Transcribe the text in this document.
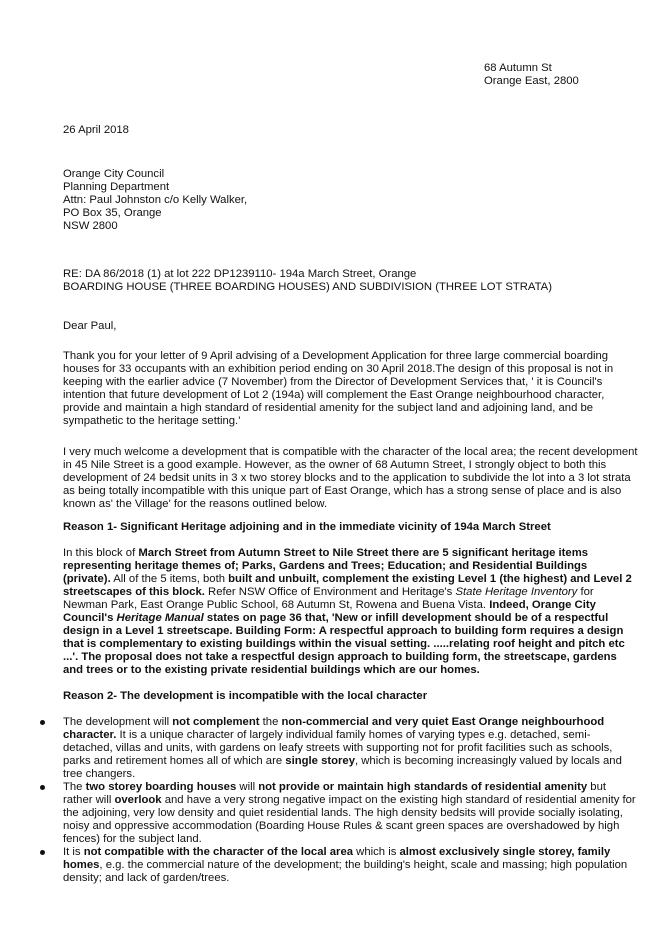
68 Autumn St

Orange East, 2800

26 April 2018

Orange City Council

Planning Department

Attn: Paul Johnston c/o Kelly Walker,

PO Box 35, Orange

NSW 2800

RE: DA 86/2018 (1) at lot 222 DP1239110- 194a March Street, Orange

BOARDING HOUSE (THREE BOARDING HOUSES) AND SUBDIVISION (THREE LOT STRATA)

Dear Paul,

Thank you for your letter of 9 April advising of a Development Application for three large commercial boarding houses for 33 occupants with an exhibition period ending on 30 April 2018.The design of this proposal is not in keeping with the earlier advice (7 November) from the Director of Development Services that, ' it is Council's intention that future development of Lot 2 (194a) will complement the East Orange neighbourhood character, provide and maintain a high standard of residential amenity for the subject land and adjoining land, and be sympathetic to the heritage setting.'

I very much welcome a development that is compatible with the character of the local area; the recent development in 45 Nile Street is a good example. However, as the owner of 68 Autumn Street, I strongly object to both this development of 24 bedsit units in 3 x two storey blocks and to the application to subdivide the lot into a 3 lot strata as being totally incompatible with this unique part of East Orange, which has a strong sense of place and is also known as' the Village' for the reasons outlined below.

Reason 1- Significant Heritage adjoining and in the immediate vicinity of 194a March Street

In this block of March Street from Autumn Street to Nile Street there are 5 significant heritage items representing heritage themes of; Parks, Gardens and Trees; Education; and Residential Buildings (private). All of the 5 items, both built and unbuilt, complement the existing Level 1 (the highest) and Level 2 streetscapes of this block. Refer NSW Office of Environment and Heritage's State Heritage Inventory for Newman Park, East Orange Public School, 68 Autumn St, Rowena and Buena Vista. Indeed, Orange City Council's Heritage Manual states on page 36 that, 'New or infill development should be of a respectful design in a Level 1 streetscape. Building Form: A respectful approach to building form requires a design that is complementary to existing buildings within the visual setting. .....relating roof height and pitch etc ...'. The proposal does not take a respectful design approach to building form, the streetscape, gardens and trees or to the existing private residential buildings which are our homes.

Reason 2- The development is incompatible with the local character

The development will not complement the non-commercial and very quiet East Orange neighbourhood character. It is a unique character of largely individual family homes of varying types e.g. detached, semi-detached, villas and units, with gardens on leafy streets with supporting not for profit facilities such as schools, parks and retirement homes all of which are single storey, which is becoming increasingly valued by locals and tree changers.
The two storey boarding houses will not provide or maintain high standards of residential amenity but rather will overlook and have a very strong negative impact on the existing high standard of residential amenity for the adjoining, very low density and quiet residential lands. The high density bedsits will provide socially isolating, noisy and oppressive accommodation (Boarding House Rules & scant green spaces are overshadowed by high fences) for the subject land.
It is not compatible with the character of the local area which is almost exclusively single storey, family homes, e.g. the commercial nature of the development; the building's height, scale and massing; high population density; and lack of garden/trees.
